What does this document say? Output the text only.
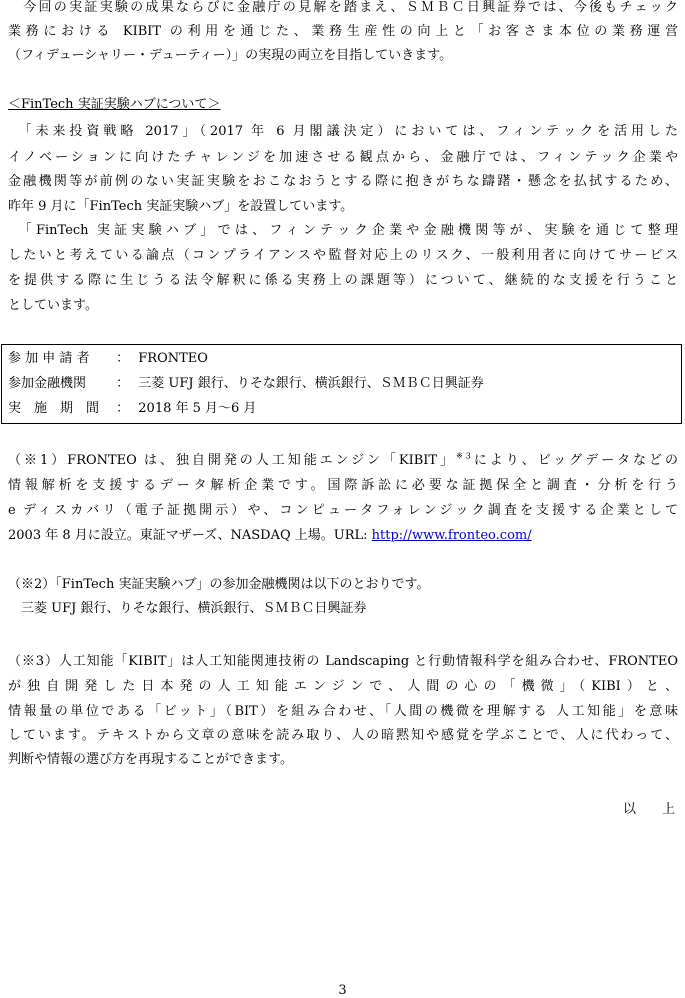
　今回の実証実験の成果ならびに金融庁の見解を踏まえ、ＳＭＢＣ日興証券では、今後もチェック
業務における KIBIT の利用を通じた、業務生産性の向上と「お客さま本位の業務運営
（フィデューシャリー・デューティー）」の実現の両立を目指していきます。
＜FinTech 実証実験ハブについて＞
　「未来投資戦略 2017」（2017 年 6 月閣議決定）においては、フィンテックを活用した
イノベーションに向けたチャレンジを加速させる観点から、金融庁では、フィンテック企業や
金融機関等が前例のない実証実験をおこなおうとする際に抱きがちな躊躇・懸念を払拭するため、
昨年 9 月に「FinTech 実証実験ハブ」を設置しています。
　「FinTech 実証実験ハブ」では、フィンテック企業や金融機関等が、実験を通じて整理
したいと考えている論点（コンプライアンスや監督対応上のリスク、一般利用者に向けてサービス
を提供する際に生じうる法令解釈に係る実務上の課題等）について、継続的な支援を行うこと
としています。
参 加 申 請 者 ： FRONTEO
参加金融機関 ： 三菱 UFJ 銀行、りそな銀行、横浜銀行、ＳＭＢＣ日興証券
実　施　期　間 ： 2018 年 5 月～6 月
（※1）FRONTEO は、独自開発の人工知能エンジン「KIBIT」$^{※3}$により、ビッグデータなどの
情報解析を支援するデータ解析企業です。国際訴訟に必要な証拠保全と調査・分析を行う
e ディスカバリ（電子証拠開示）や、コンピュータフォレンジック調査を支援する企業として
2003 年 8 月に設立。東証マザーズ、NASDAQ 上場。URL: http://www.fronteo.com/
（※2）「FinTech 実証実験ハブ」の参加金融機関は以下のとおりです。
　三菱 UFJ 銀行、りそな銀行、横浜銀行、ＳＭＢＣ日興証券
（※3）人工知能「KIBIT」は人工知能関連技術の Landscaping と行動情報科学を組み合わせ、FRONTEO
が独自開発した日本発の人工知能エンジンで、人間の心の「機微」（KIBI）と、
情報量の単位である「ビット」（BIT）を組み合わせ、「人間の機微を理解する 人工知能」を意味
しています。テキストから文章の意味を読み取り、人の暗黙知や感覚を学ぶことで、人に代わって、
判断や情報の選び方を再現することができます。
以　　上
3
